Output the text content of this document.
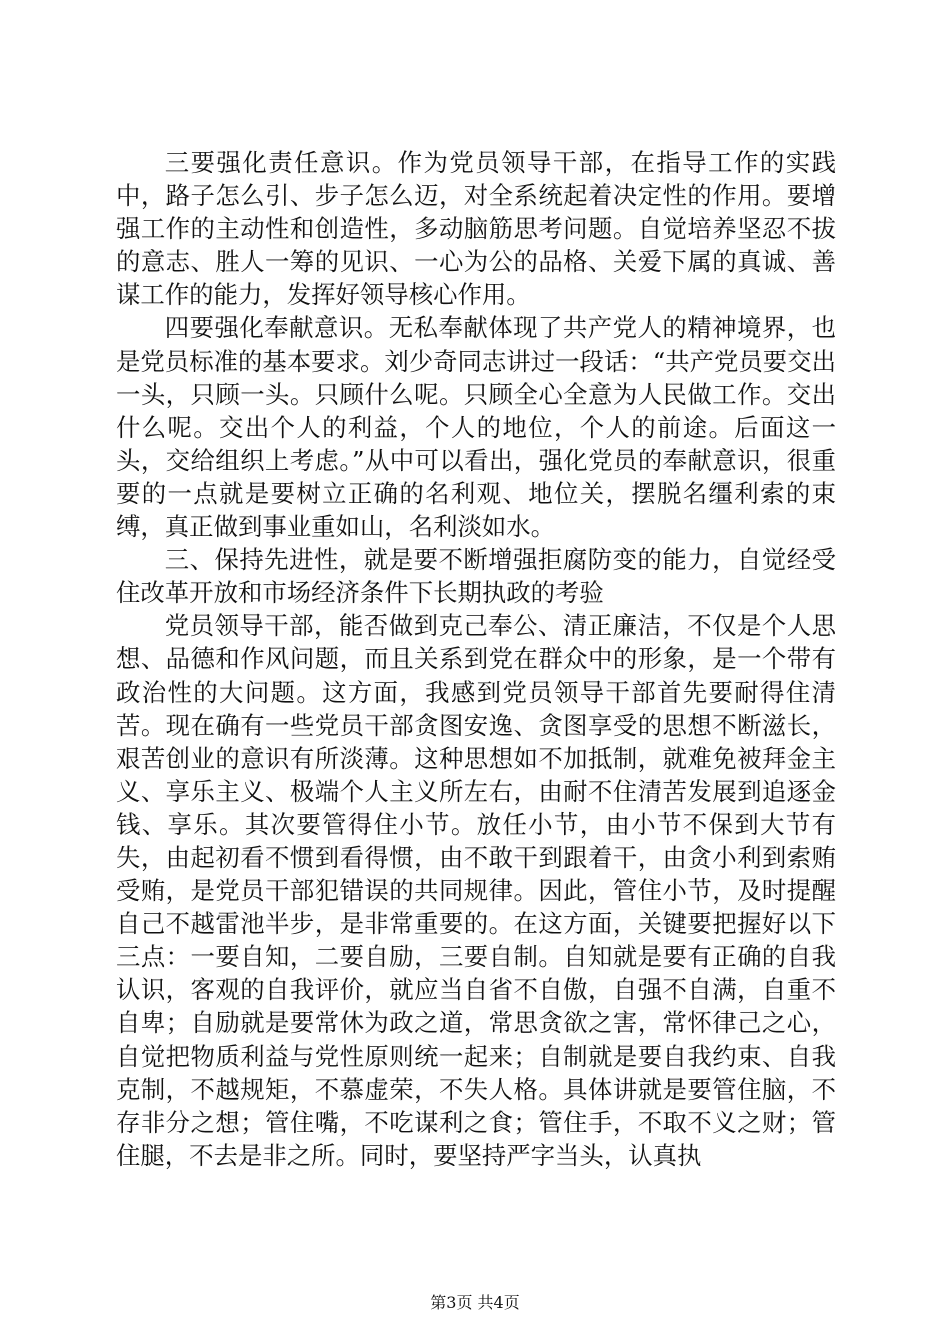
三要强化责任意识。作为党员领导干部，在指导工作的实践中，路子怎么引、步子怎么迈，对全系统起着决定性的作用。要增强工作的主动性和创造性，多动脑筋思考问题。自觉培养坚忍不拔的意志、胜人一筹的见识、一心为公的品格、关爱下属的真诚、善谋工作的能力，发挥好领导核心作用。

四要强化奉献意识。无私奉献体现了共产党人的精神境界，也是党员标准的基本要求。刘少奇同志讲过一段话：“共产党员要交出一头，只顾一头。只顾什么呢。只顾全心全意为人民做工作。交出什么呢。交出个人的利益，个人的地位，个人的前途。后面这一头，交给组织上考虑。”从中可以看出，强化党员的奉献意识，很重要的一点就是要树立正确的名利观、地位关，摆脱名缰利索的束缚，真正做到事业重如山，名利淡如水。

三、保持先进性，就是要不断增强拒腐防变的能力，自觉经受住改革开放和市场经济条件下长期执政的考验

党员领导干部，能否做到克己奉公、清正廉洁，不仅是个人思想、品德和作风问题，而且关系到党在群众中的形象，是一个带有政治性的大问题。这方面，我感到党员领导干部首先要耐得住清苦。现在确有一些党员干部贪图安逸、贪图享受的思想不断滋长，艰苦创业的意识有所淡薄。这种思想如不加抵制，就难免被拜金主义、享乐主义、极端个人主义所左右，由耐不住清苦发展到追逐金钱、享乐。其次要管得住小节。放任小节，由小节不保到大节有失，由起初看不惯到看得惯，由不敢干到跟着干，由贪小利到索贿受贿，是党员干部犯错误的共同规律。因此，管住小节，及时提醒自己不越雷池半步，是非常重要的。在这方面，关键要把握好以下三点：一要自知，二要自励，三要自制。自知就是要有正确的自我认识，客观的自我评价，就应当自省不自傲，自强不自满，自重不自卑；自励就是要常休为政之道，常思贪欲之害，常怀律己之心，自觉把物质利益与党性原则统一起来；自制就是要自我约束、自我克制，不越规矩，不慕虚荣，不失人格。具体讲就是要管住脑，不存非分之想；管住嘴，不吃谋利之食；管住手，不取不义之财；管住腿，不去是非之所。同时，要坚持严字当头，认真执

第3页 共4页
